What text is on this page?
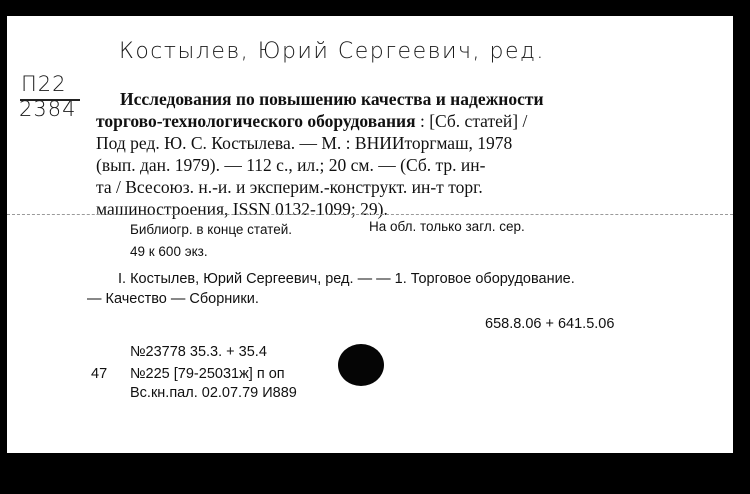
Костылев, Юрий Сергеевич, ред.
П22
2384 Исследования по повышению качества и надежности
торгово-технологического оборудования : [Сб. статей] /
Под ред. Ю. С. Костылева. — М. : ВНИИторгмаш, 1978
(вып. дан. 1979). — 112 с., ил.; 20 см. — (Сб. тр. ин-
та / Всесоюз. н.-и. и эксперим.-конструкт. ин-т торг.
машиностроения, ISSN 0132-1099; 29).
Библиогр. в конце статей.	На обл. только загл. сер.
49 к 600 экз.
I. Костылев, Юрий Сергеевич, ред. — — 1. Торговое оборудование.
— Качество — Сборники.
658.8.06 + 641.5.06
№23778 35.3. + 35.4
47 №225 [79-25031ж] п оп
Вс.кн.пал. 02.07.79 И889
